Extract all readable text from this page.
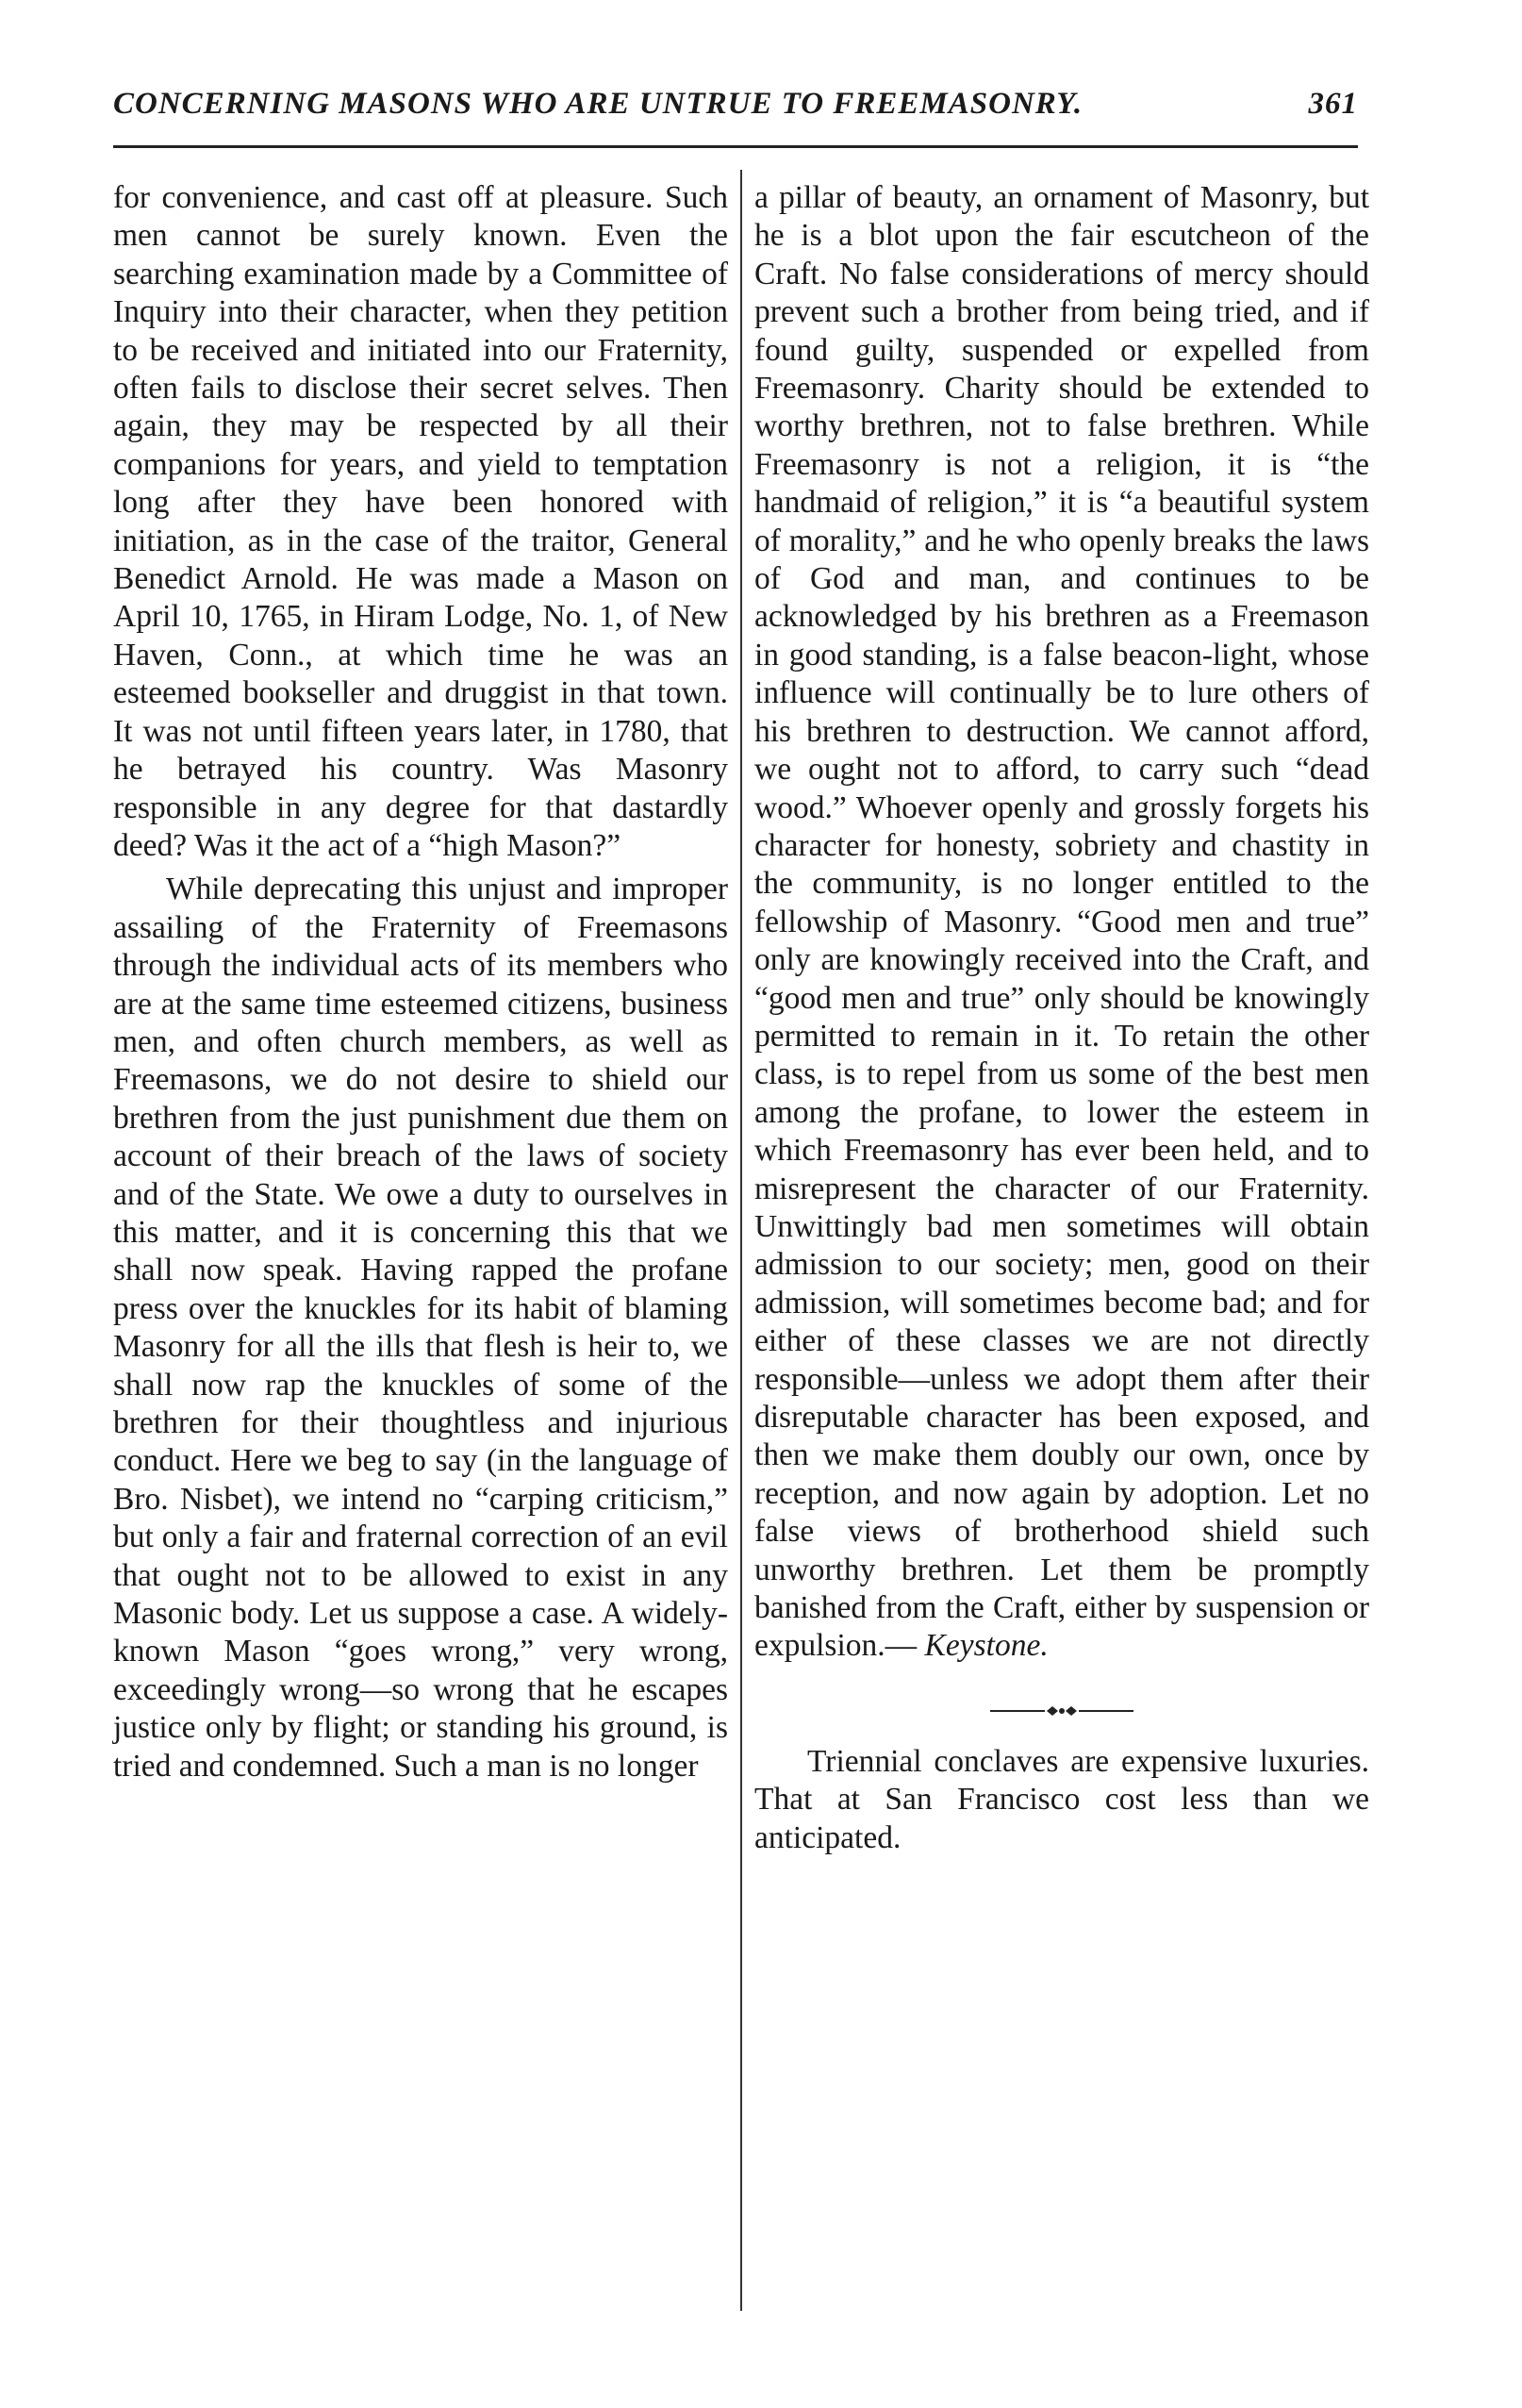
CONCERNING MASONS WHO ARE UNTRUE TO FREEMASONRY.	361

for convenience, and cast off at pleasure. Such men cannot be surely known. Even the searching examination made by a Committee of Inquiry into their character, when they petition to be received and initiated into our Fraternity, often fails to disclose their secret selves. Then again, they may be respected by all their companions for years, and yield to temptation long after they have been honored with initiation, as in the case of the traitor, General Benedict Arnold. He was made a Mason on April 10, 1765, in Hiram Lodge, No. 1, of New Haven, Conn., at which time he was an esteemed bookseller and druggist in that town. It was not until fifteen years later, in 1780, that he betrayed his country. Was Masonry responsible in any degree for that dastardly deed? Was it the act of a “high Mason?”

While deprecating this unjust and improper assailing of the Fraternity of Freemasons through the individual acts of its members who are at the same time esteemed citizens, business men, and often church members, as well as Freemasons, we do not desire to shield our brethren from the just punishment due them on account of their breach of the laws of society and of the State. We owe a duty to ourselves in this matter, and it is concerning this that we shall now speak. Having rapped the profane press over the knuckles for its habit of blaming Masonry for all the ills that flesh is heir to, we shall now rap the knuckles of some of the brethren for their thoughtless and injurious conduct. Here we beg to say (in the language of Bro. Nisbet), we intend no “carping criticism,” but only a fair and fraternal correction of an evil that ought not to be allowed to exist in any Masonic body. Let us suppose a case. A widely-known Mason “goes wrong,” very wrong, exceedingly wrong—so wrong that he escapes justice only by flight; or standing his ground, is tried and condemned. Such a man is no longer

a pillar of beauty, an ornament of Masonry, but he is a blot upon the fair escutcheon of the Craft. No false considerations of mercy should prevent such a brother from being tried, and if found guilty, suspended or expelled from Freemasonry. Charity should be extended to worthy brethren, not to false brethren. While Freemasonry is not a religion, it is “the handmaid of religion,” it is “a beautiful system of morality,” and he who openly breaks the laws of God and man, and continues to be acknowledged by his brethren as a Freemason in good standing, is a false beacon-light, whose influence will continually be to lure others of his brethren to destruction. We cannot afford, we ought not to afford, to carry such “dead wood.” Whoever openly and grossly forgets his character for honesty, sobriety and chastity in the community, is no longer entitled to the fellowship of Masonry. “Good men and true” only are knowingly received into the Craft, and “good men and true” only should be knowingly permitted to remain in it. To retain the other class, is to repel from us some of the best men among the profane, to lower the esteem in which Freemasonry has ever been held, and to misrepresent the character of our Fraternity. Unwittingly bad men sometimes will obtain admission to our society; men, good on their admission, will sometimes become bad; and for either of these classes we are not directly responsible—unless we adopt them after their disreputable character has been exposed, and then we make them doubly our own, once by reception, and now again by adoption. Let no false views of brotherhood shield such unworthy brethren. Let them be promptly banished from the Craft, either by suspension or expulsion.— Keystone.

Triennial conclaves are expensive luxuries. That at San Francisco cost less than we anticipated.
